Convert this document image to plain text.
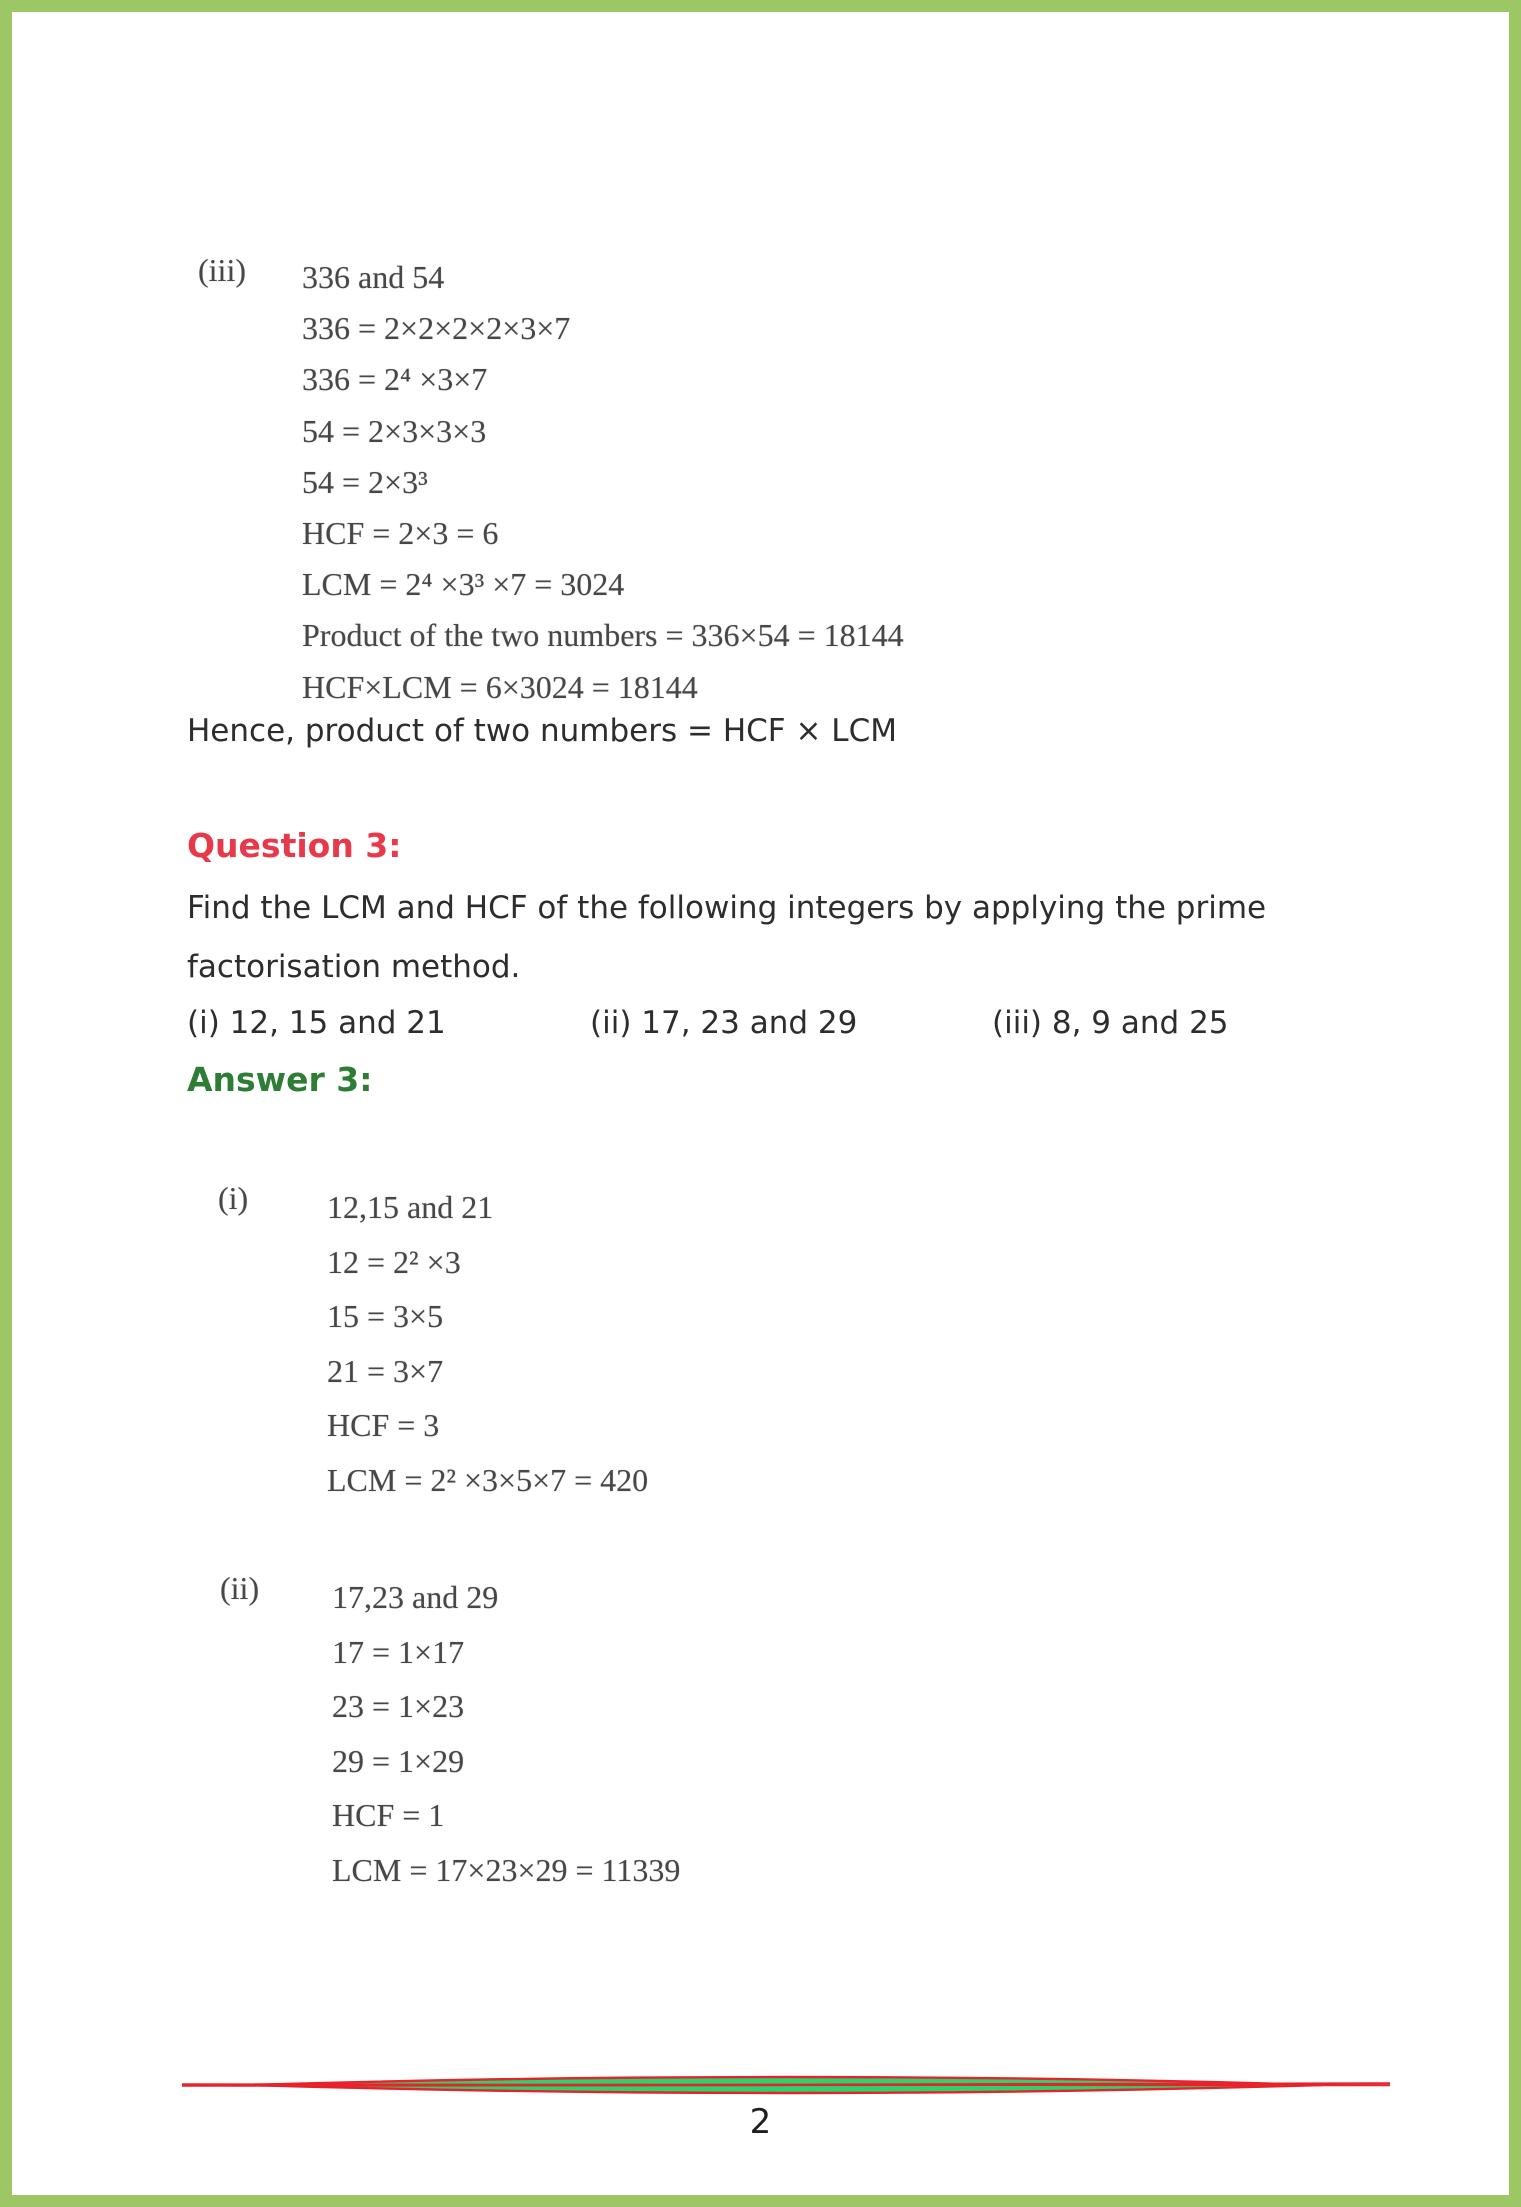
(iii)	336 and 54
336 = 2×2×2×2×3×7
336 = 2⁴ ×3×7
54 = 2×3×3×3
54 = 2×3³
HCF = 2×3 = 6
LCM = 2⁴ ×3³ ×7 = 3024
Product of the two numbers = 336×54 = 18144
HCF×LCM = 6×3024 = 18144
Hence, product of two numbers = HCF × LCM
Question 3:
Find the LCM and HCF of the following integers by applying the prime
factorisation method.

(i) 12, 15 and 21

	(ii) 17, 23 and 29

	(iii) 8, 9 and 25

Answer 3:
(i)	12,15 and 21
12 = 2² ×3
15 = 3×5
21 = 3×7
HCF = 3
LCM = 2² ×3×5×7 = 420
(ii)	17,23 and 29
17 = 1×17
23 = 1×23
29 = 1×29
HCF = 1
LCM = 17×23×29 = 11339
2
